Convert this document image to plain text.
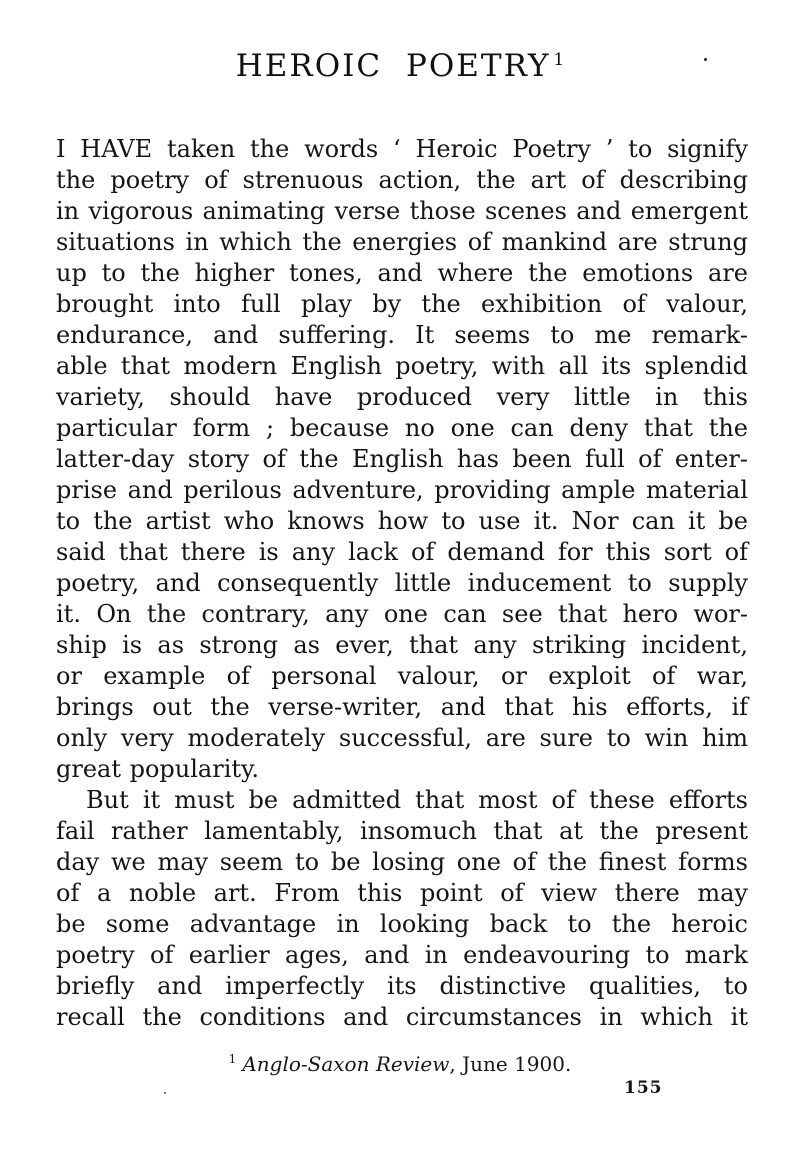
HEROIC POETRY $^1$
I HAVE taken the words ‘ Heroic Poetry ’ to signify
the poetry of strenuous action, the art of describing
in vigorous animating verse those scenes and emergent
situations in which the energies of mankind are strung
up to the higher tones, and where the emotions are
brought into full play by the exhibition of valour,
endurance, and suffering. It seems to me remark-
able that modern English poetry, with all its splendid
variety, should have produced very little in this
particular form ; because no one can deny that the
latter-day story of the English has been full of enter-
prise and perilous adventure, providing ample material
to the artist who knows how to use it. Nor can it be
said that there is any lack of demand for this sort of
poetry, and consequently little inducement to supply
it. On the contrary, any one can see that hero wor-
ship is as strong as ever, that any striking incident,
or example of personal valour, or exploit of war,
brings out the verse-writer, and that his efforts, if
only very moderately successful, are sure to win him
great popularity.
But it must be admitted that most of these efforts
fail rather lamentably, insomuch that at the present
day we may seem to be losing one of the finest forms
of a noble art. From this point of view there may
be some advantage in looking back to the heroic
poetry of earlier ages, and in endeavouring to mark
briefly and imperfectly its distinctive qualities, to
recall the conditions and circumstances in which it
$^1$ Anglo-Saxon Review, June 1900.
155
